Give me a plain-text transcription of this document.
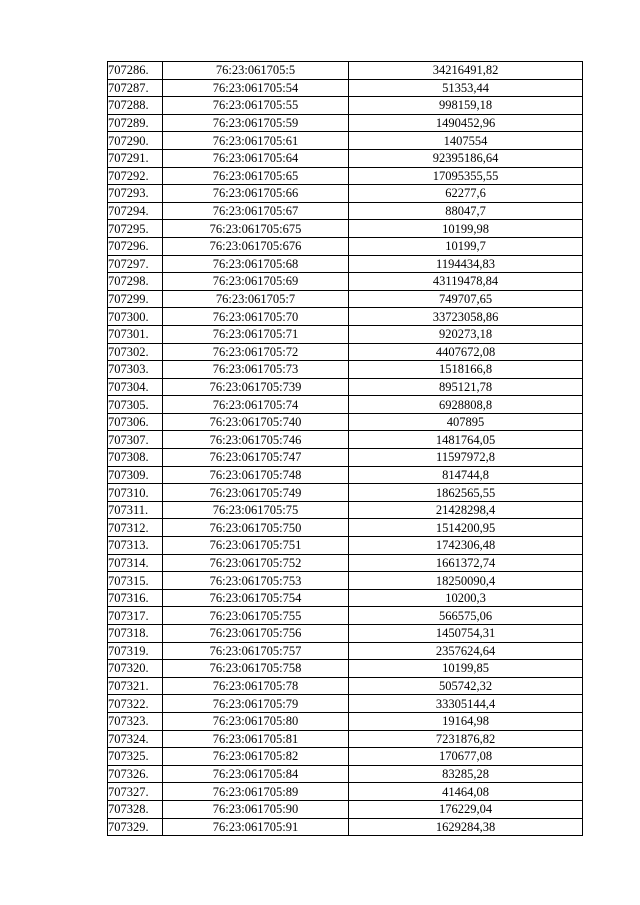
707286.	76:23:061705:5	34216491,82
707287.	76:23:061705:54	51353,44
707288.	76:23:061705:55	998159,18
707289.	76:23:061705:59	1490452,96
707290.	76:23:061705:61	1407554
707291.	76:23:061705:64	92395186,64
707292.	76:23:061705:65	17095355,55
707293.	76:23:061705:66	62277,6
707294.	76:23:061705:67	88047,7
707295.	76:23:061705:675	10199,98
707296.	76:23:061705:676	10199,7
707297.	76:23:061705:68	1194434,83
707298.	76:23:061705:69	43119478,84
707299.	76:23:061705:7	749707,65
707300.	76:23:061705:70	33723058,86
707301.	76:23:061705:71	920273,18
707302.	76:23:061705:72	4407672,08
707303.	76:23:061705:73	1518166,8
707304.	76:23:061705:739	895121,78
707305.	76:23:061705:74	6928808,8
707306.	76:23:061705:740	407895
707307.	76:23:061705:746	1481764,05
707308.	76:23:061705:747	11597972,8
707309.	76:23:061705:748	814744,8
707310.	76:23:061705:749	1862565,55
707311.	76:23:061705:75	21428298,4
707312.	76:23:061705:750	1514200,95
707313.	76:23:061705:751	1742306,48
707314.	76:23:061705:752	1661372,74
707315.	76:23:061705:753	18250090,4
707316.	76:23:061705:754	10200,3
707317.	76:23:061705:755	566575,06
707318.	76:23:061705:756	1450754,31
707319.	76:23:061705:757	2357624,64
707320.	76:23:061705:758	10199,85
707321.	76:23:061705:78	505742,32
707322.	76:23:061705:79	33305144,4
707323.	76:23:061705:80	19164,98
707324.	76:23:061705:81	7231876,82
707325.	76:23:061705:82	170677,08
707326.	76:23:061705:84	83285,28
707327.	76:23:061705:89	41464,08
707328.	76:23:061705:90	176229,04
707329.	76:23:061705:91	1629284,38
